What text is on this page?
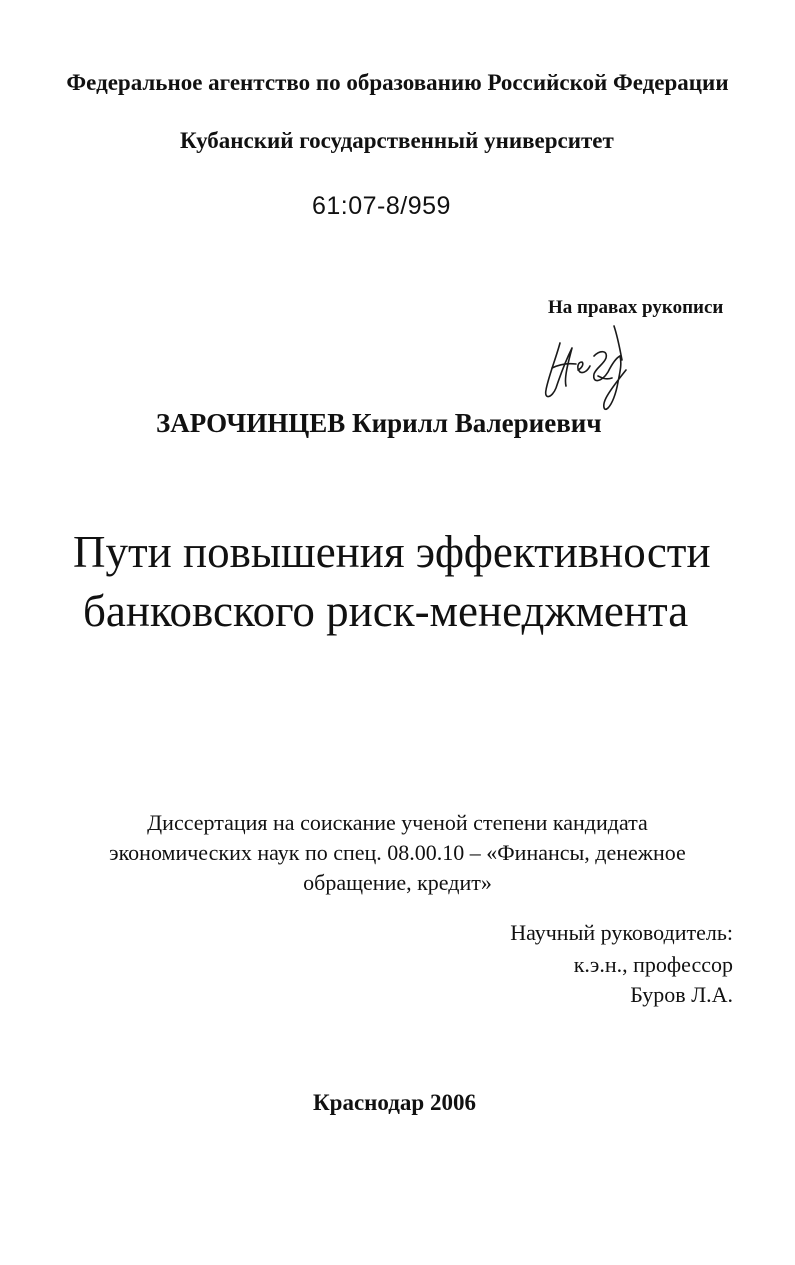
Федеральное агентство по образованию Российской Федерации
Кубанский государственный университет
61:07-8/959
На правах рукописи
ЗАРОЧИНЦЕВ Кирилл Валериевич
Пути повышения эффективности
банковского риск-менеджмента
Диссертация на соискание ученой степени кандидата
экономических наук по спец. 08.00.10 – «Финансы, денежное
обращение, кредит»
Научный руководитель:
к.э.н., профессор
Буров Л.А.
Краснодар 2006
